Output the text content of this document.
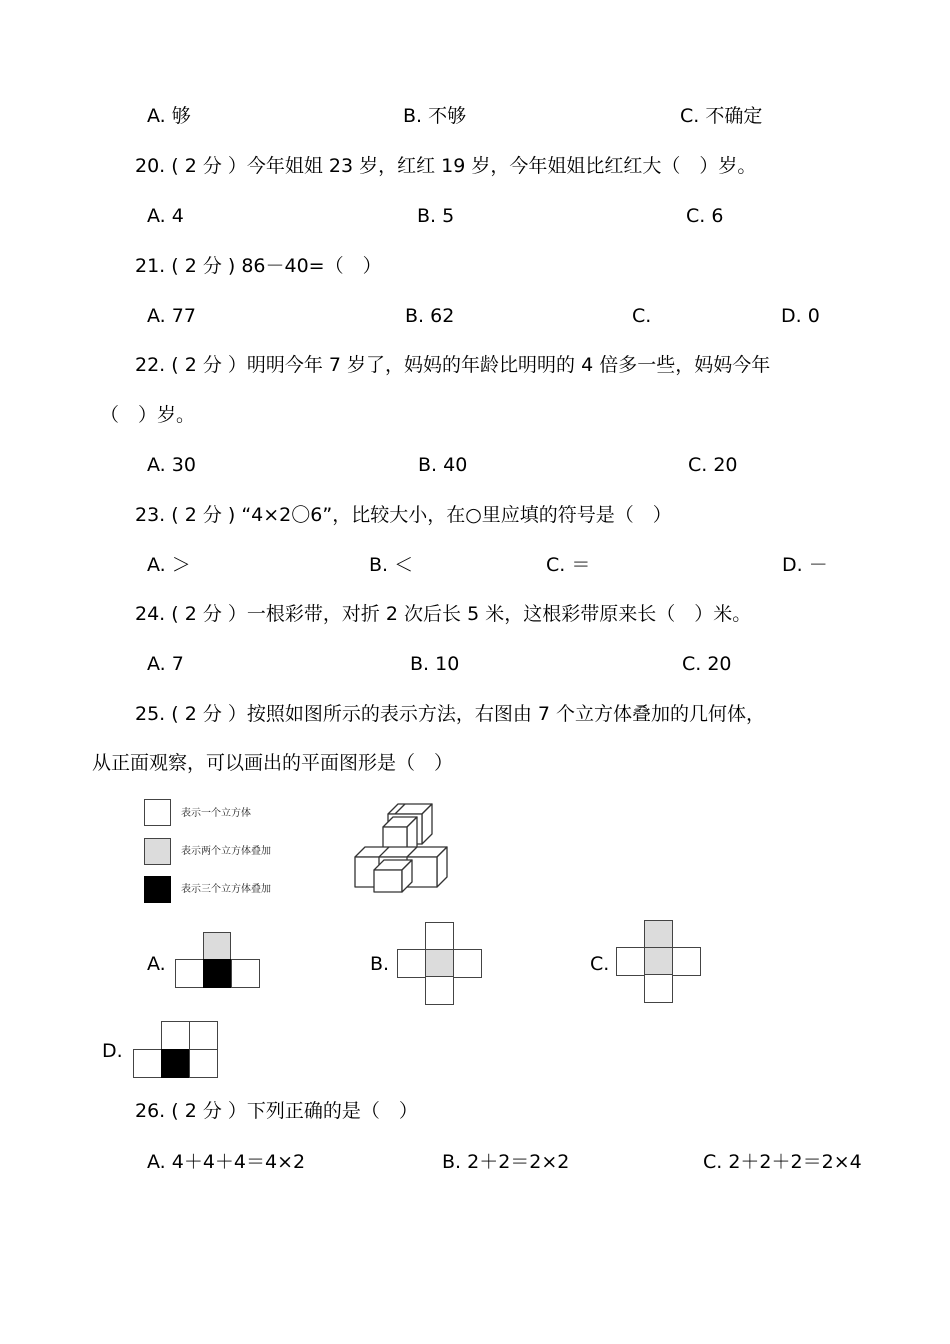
A. 够	B. 不够	C. 不确定
20. ( 2 分 ）今年姐姐 23 岁，红红 19 岁，今年姐姐比红红大（　）岁。
A. 4	B. 5	C. 6
21. ( 2 分 ) 86－40=（　）
A. 77	B. 62	C.	D. 0
22. ( 2 分 ）明明今年 7 岁了，妈妈的年龄比明明的 4 倍多一些，妈妈今年
（　）岁。
A. 30	B. 40	C. 20
23. ( 2 分 ) “4×2〇6”，比较大小，在○里应填的符号是（　）
A. ＞	B. ＜	C. ＝	D. －
24. ( 2 分 ）一根彩带，对折 2 次后长 5 米，这根彩带原来长（　）米。
A. 7	B. 10	C. 20
25. ( 2 分 ）按照如图所示的表示方法，右图由 7 个立方体叠加的几何体，
从正面观察，可以画出的平面图形是（　）
表示一个立方体
表示两个立方体叠加
表示三个立方体叠加
A.	B.	C.
D.
26. ( 2 分 ）下列正确的是（　）
A. 4＋4＋4＝4×2	B. 2＋2＝2×2	C. 2＋2＋2＝2×4
